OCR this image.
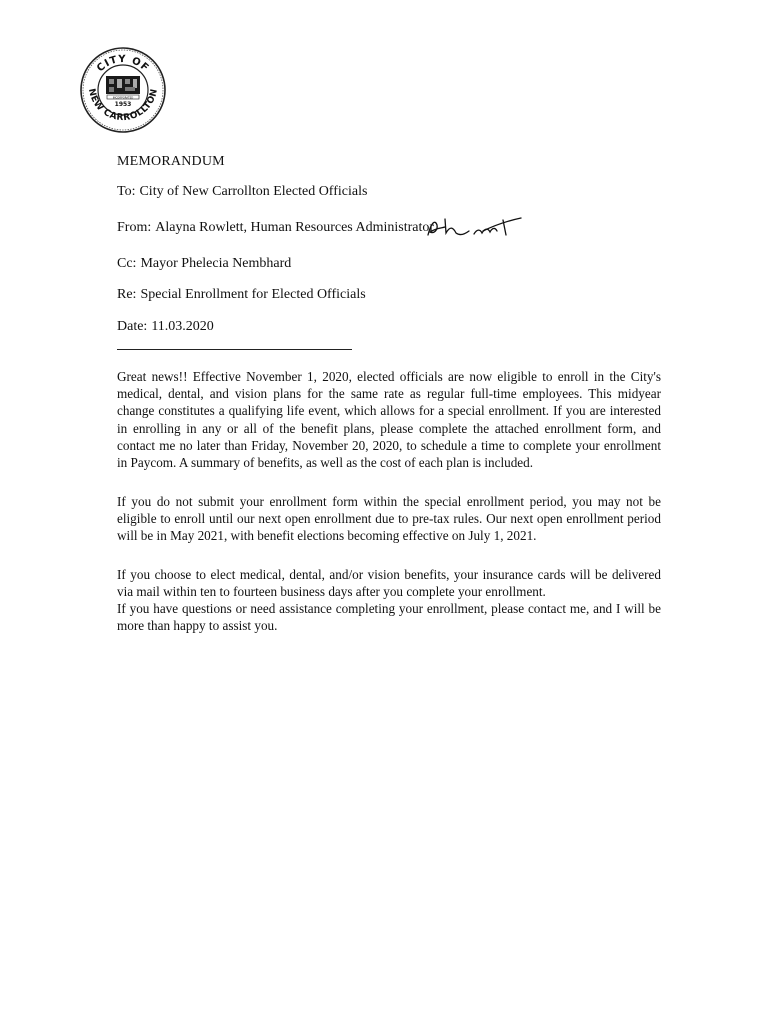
CITY OF
NEW CARROLLTON
INCORPORATED
1953
MEMORANDUM
To: City of New Carrollton Elected Officials
From: Alayna Rowlett, Human Resources Administrator
Cc: Mayor Phelecia Nembhard
Re: Special Enrollment for Elected Officials
Date: 11.03.2020
Great news!! Effective November 1, 2020, elected officials are now eligible to enroll in the City's medical, dental, and vision plans for the same rate as regular full-time employees. This midyear change constitutes a qualifying life event, which allows for a special enrollment. If you are interested in enrolling in any or all of the benefit plans, please complete the attached enrollment form, and contact me no later than Friday, November 20, 2020, to schedule a time to complete your enrollment in Paycom. A summary of benefits, as well as the cost of each plan is included.
If you do not submit your enrollment form within the special enrollment period, you may not be eligible to enroll until our next open enrollment due to pre-tax rules. Our next open enrollment period will be in May 2021, with benefit elections becoming effective on July 1, 2021.
If you choose to elect medical, dental, and/or vision benefits, your insurance cards will be delivered via mail within ten to fourteen business days after you complete your enrollment.
If you have questions or need assistance completing your enrollment, please contact me, and I will be more than happy to assist you.
